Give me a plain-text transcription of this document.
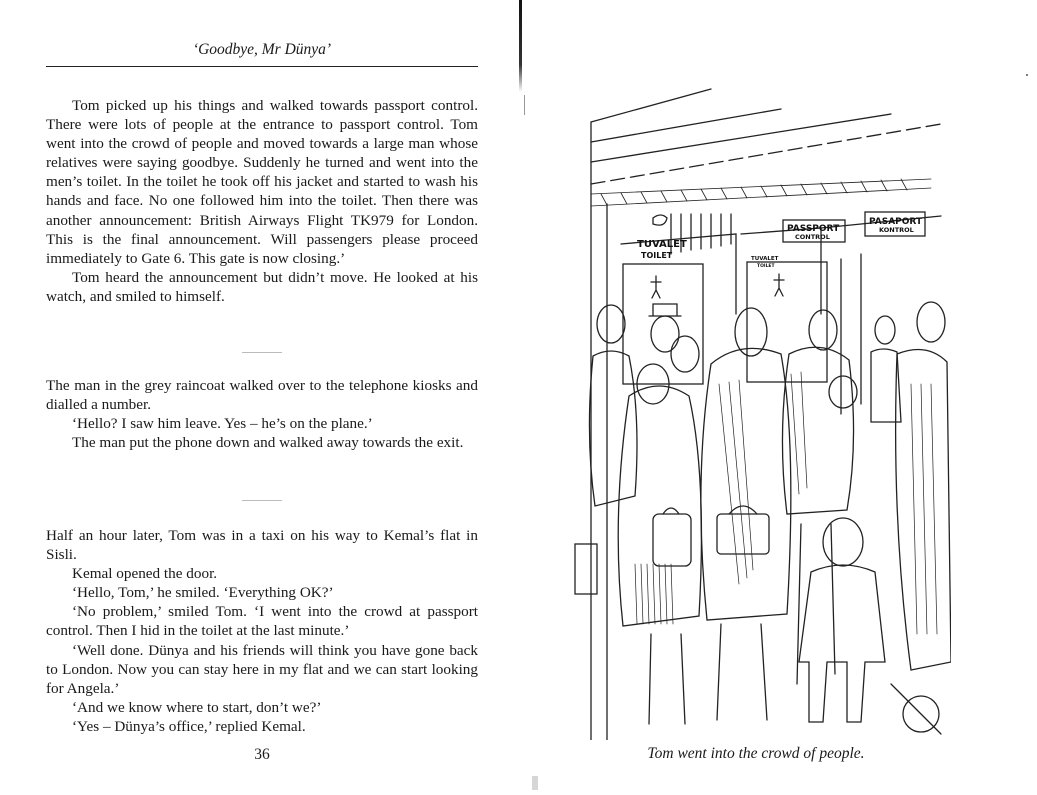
‘Goodbye, Mr Dünya’

Tom picked up his things and walked towards passport control. There were lots of people at the entrance to passport control. Tom went into the crowd of people and moved towards a large man whose relatives were saying goodbye. Suddenly he turned and went into the men’s toilet. In the toilet he took off his jacket and started to wash his hands and face. No one followed him into the toilet. Then there was another announcement: British Airways Flight TK979 for London. This is the final announcement. Will passengers please proceed immediately to Gate 6. This gate is now closing.’

Tom heard the announcement but didn’t move. He looked at his watch, and smiled to himself.

The man in the grey raincoat walked over to the telephone kiosks and dialled a number.

‘Hello? I saw him leave. Yes – he’s on the plane.’

The man put the phone down and walked away towards the exit.

Half an hour later, Tom was in a taxi on his way to Kemal’s flat in Sisli.

Kemal opened the door.

‘Hello, Tom,’ he smiled. ‘Everything OK?’

‘No problem,’ smiled Tom. ‘I went into the crowd at passport control. Then I hid in the toilet at the last minute.’

‘Well done. Dünya and his friends will think you have gone back to London. Now you can stay here in my flat and we can start looking for Angela.’

‘And we know where to start, don’t we?’

‘Yes – Dünya’s office,’ replied Kemal.

36
TUVALET
TOILET
PASSPORT
CONTROL
PASAPORT
KONTROL
TUVALET
TOILET
Tom went into the crowd of people.
